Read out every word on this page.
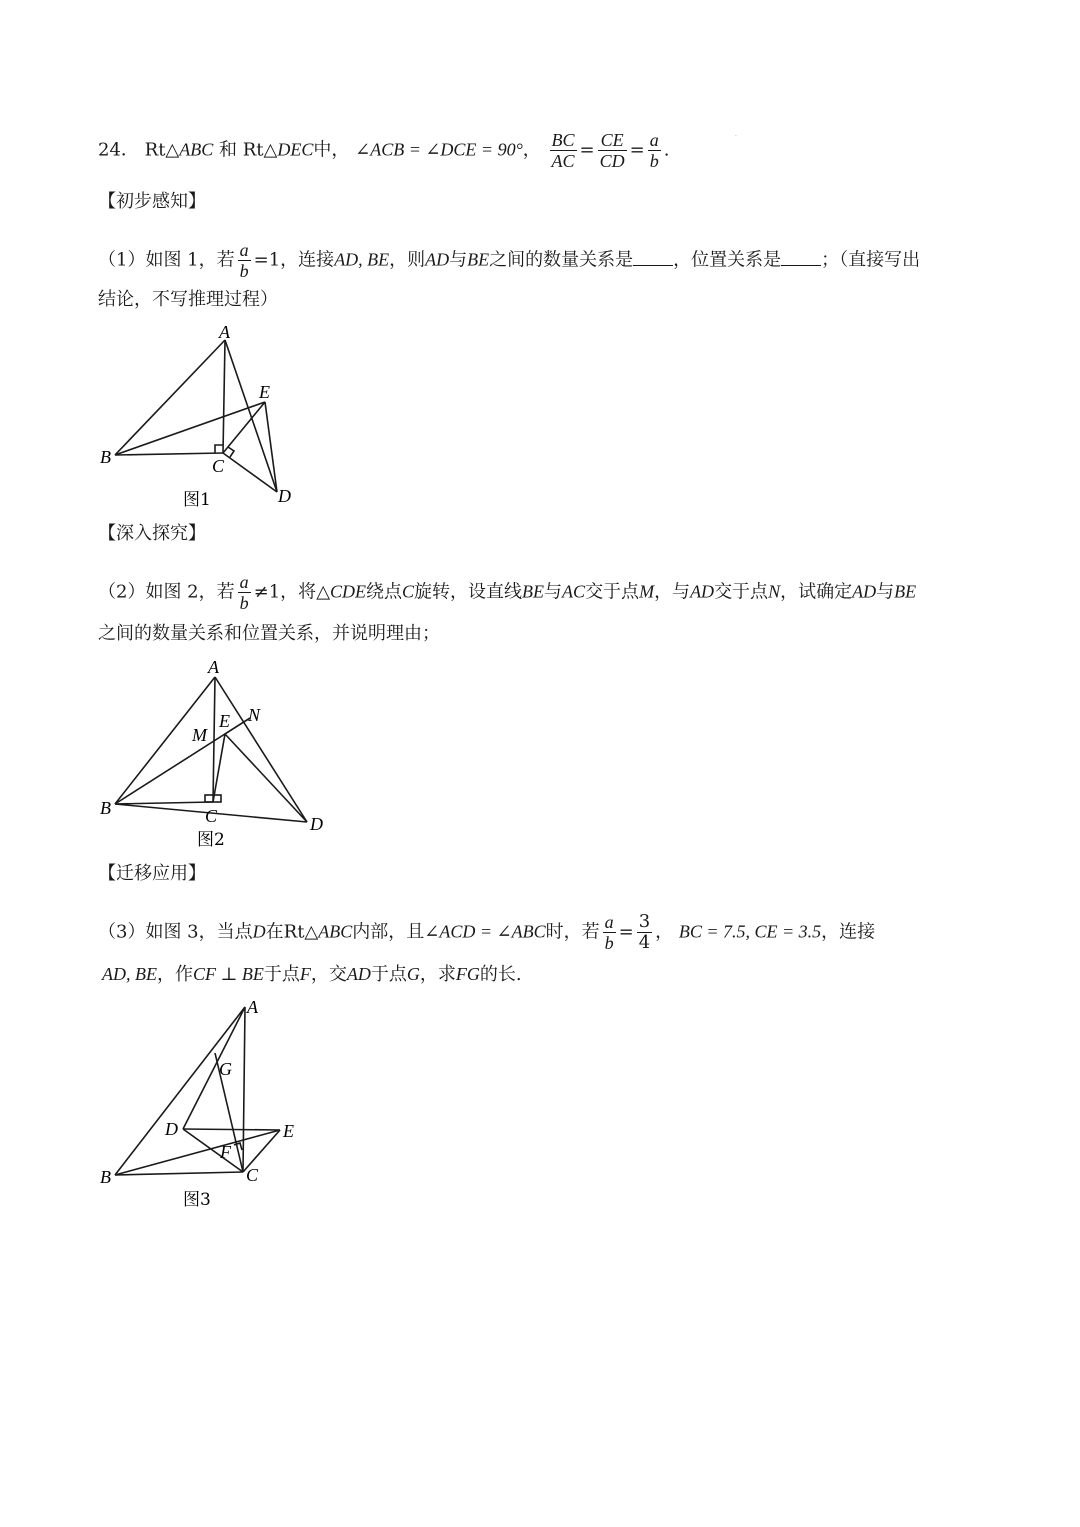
·
24． Rt△ABC 和 Rt△DEC中， ∠ACB = ∠DCE = 90°， $\frac{BC}{AC} = \frac{CE}{CD} = \frac{a}{b}$ .
【初步感知】
（1）如图 1，若 $\frac{a}{b} =1$，连接AD, BE，则AD与BE之间的数量关系是 ，位置关系是 ；（直接写出
结论，不写推理过程）
A
B	C
D
E
图1
【深入探究】
（2）如图 2，若 $\frac{a}{b} \ne 1$，将△CDE绕点C旋转，设直线BE与AC交于点M，与AD交于点N，试确定AD与BE
之间的数量关系和位置关系，并说明理由；
A
B	C	D
E
M
N
图2
【迁移应用】
（3）如图 3，当点D在Rt△ABC内部，且∠ACD = ∠ABC时，若 $\frac{a}{b} = \frac{3}{4}$ ， BC = 7.5, CE = 3.5，连接
AD, BE，作CF ⊥ BE于点F，交AD于点G，求FG的长.
A
B	C
D	E
F
G
图3
